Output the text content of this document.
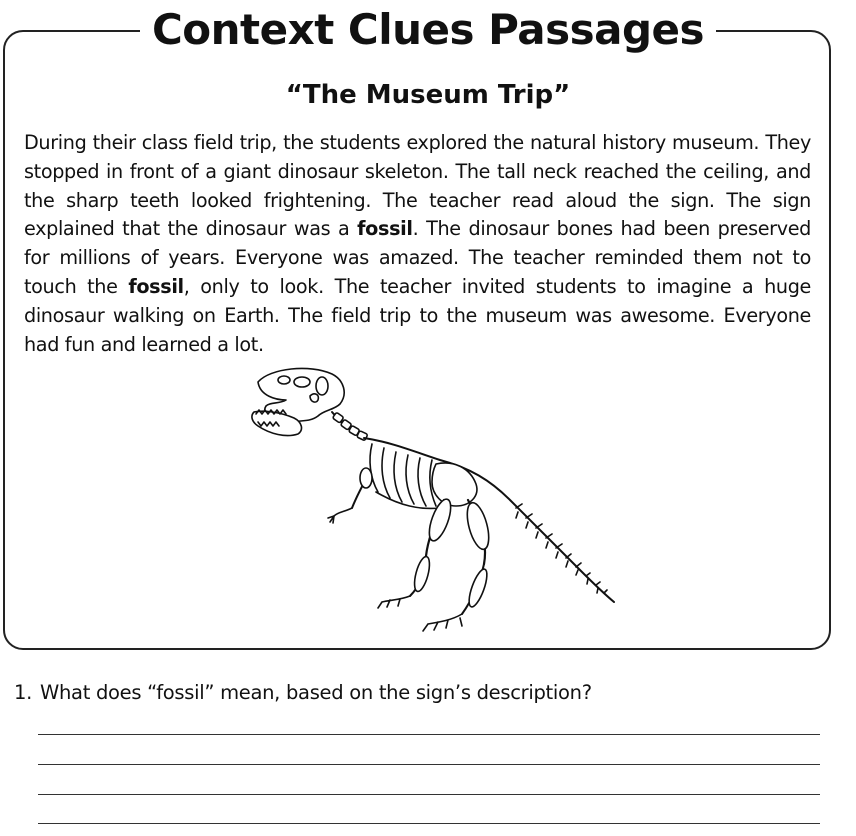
Context Clues Passages
“The Museum Trip”
During their class field trip, the students explored the natural history museum. They stopped in front of a giant dinosaur skeleton. The tall neck reached the ceiling, and the sharp teeth looked frightening. The teacher read aloud the sign. The sign explained that the dinosaur was a fossil. The dinosaur bones had been preserved for millions of years. Everyone was amazed. The teacher reminded them not to touch the fossil, only to look. The teacher invited students to imagine a huge dinosaur walking on Earth. The field trip to the museum was awesome. Everyone had fun and learned a lot.
1. What does “fossil” mean, based on the sign’s description?
